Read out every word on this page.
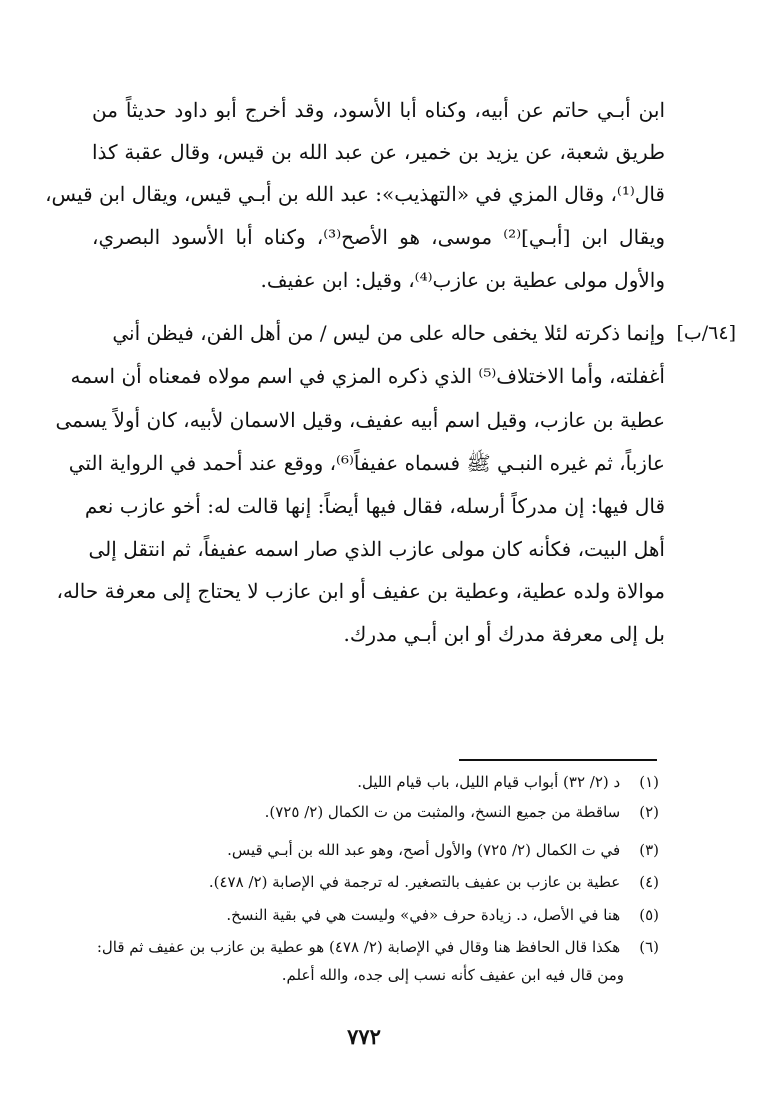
ابن أبـي حاتم عن أبيه، وكناه أبا الأسود، وقد أخرج أبو داود حديثاً من
طريق شعبة، عن يزيد بن خمير، عن عبد الله بن قيس، وقال عقبة كذا
قال⁽¹⁾، وقال المزي في «التهذيب»: عبد الله بن أبـي قيس، ويقال ابن قيس،
ويقال ابن [أبـي]⁽²⁾ موسى، هو الأصح⁽³⁾، وكناه أبا الأسود البصري،
والأول مولى عطية بن عازب⁽⁴⁾، وقيل: ابن عفيف.
[٦٤/ب]
وإنما ذكرته لئلا يخفى حاله على من ليس / من أهل الفن، فيظن أني
أغفلته، وأما الاختلاف⁽⁵⁾ الذي ذكره المزي في اسم مولاه فمعناه أن اسمه
عطية بن عازب، وقيل اسم أبيه عفيف، وقيل الاسمان لأبيه، كان أولاً يسمى
عازباً، ثم غيره النبـي ﷺ فسماه عفيفاً⁽⁶⁾، ووقع عند أحمد في الرواية التي
قال فيها: إن مدركاً أرسله، فقال فيها أيضاً: إنها قالت له: أخو عازب نعم
أهل البيت، فكأنه كان مولى عازب الذي صار اسمه عفيفاً، ثم انتقل إلى
موالاة ولده عطية، وعطية بن عفيف أو ابن عازب لا يحتاج إلى معرفة حاله،
بل إلى معرفة مدرك أو ابن أبـي مدرك.
(١) د (٢/ ٣٢) أبواب قيام الليل، باب قيام الليل.
(٢) ساقطة من جميع النسخ، والمثبت من ت الكمال (٢/ ٧٢٥).
(٣) في ت الكمال (٢/ ٧٢٥) والأول أصح، وهو عبد الله بن أبـي قيس.
(٤) عطية بن عازب بن عفيف بالتصغير. له ترجمة في الإصابة (٢/ ٤٧٨).
(٥) هنا في الأصل، د. زيادة حرف «في» وليست هي في بقية النسخ.
(٦) هكذا قال الحافظ هنا وقال في الإصابة (٢/ ٤٧٨) هو عطية بن عازب بن عفيف ثم قال:
ومن قال فيه ابن عفيف كأنه نسب إلى جده، والله أعلم.
٧٧٢
